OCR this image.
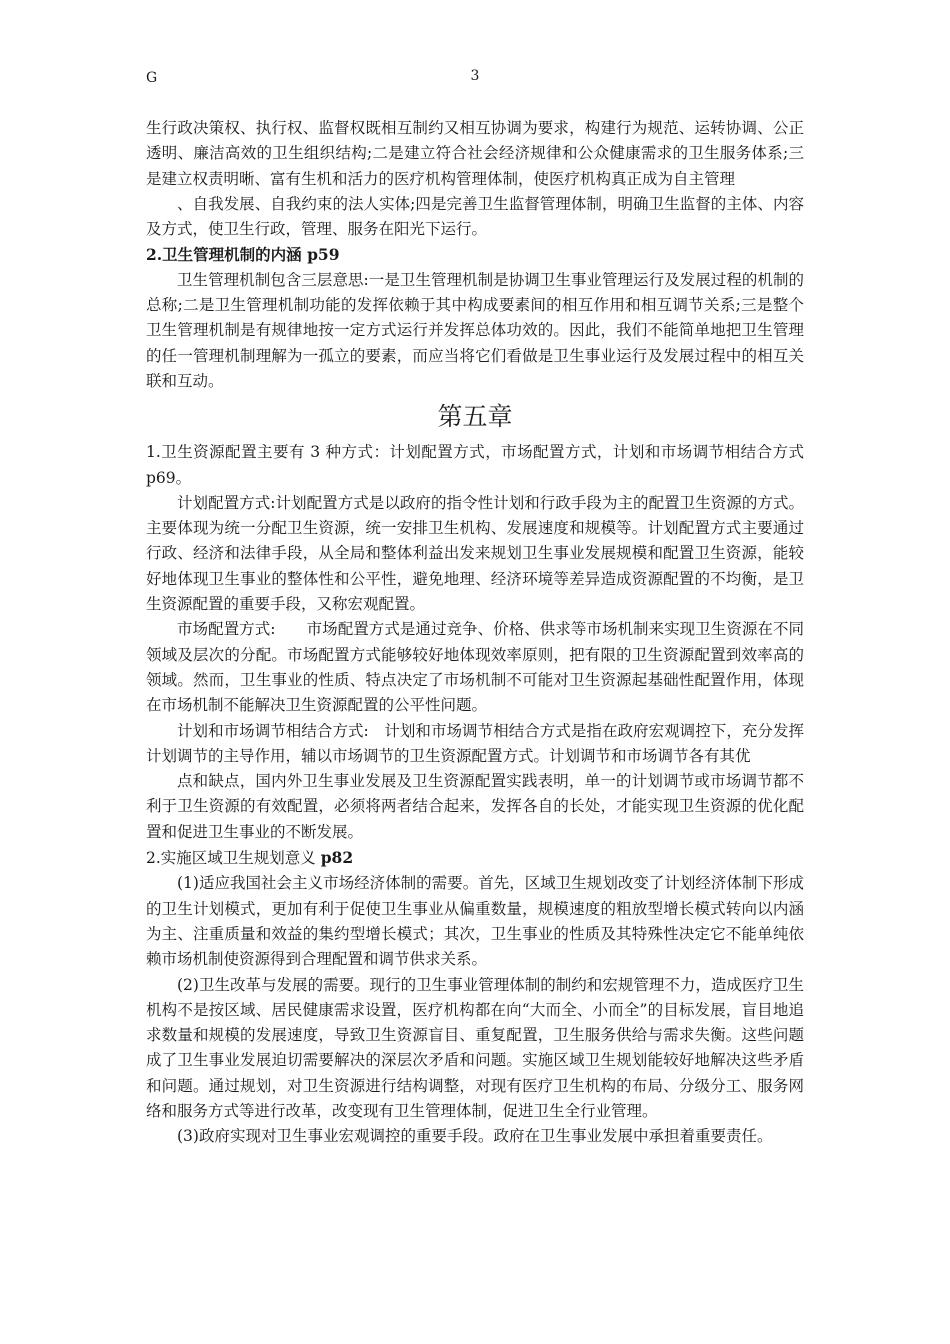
G	3

生行政决策权、执行权、监督权既相互制约又相互协调为要求，构建行为规范、运转协调、公正透明、廉洁高效的卫生组织结构;二是建立符合社会经济规律和公众健康需求的卫生服务体系;三是建立权责明晰、富有生机和活力的医疗机构管理体制，使医疗机构真正成为自主管理

、自我发展、自我约束的法人实体;四是完善卫生监督管理体制，明确卫生监督的主体、内容及方式，使卫生行政，管理、服务在阳光下运行。

2.卫生管理机制的内涵 p59

卫生管理机制包含三层意思:一是卫生管理机制是协调卫生事业管理运行及发展过程的机制的总称;二是卫生管理机制功能的发挥依赖于其中构成要素间的相互作用和相互调节关系;三是整个卫生管理机制是有规律地按一定方式运行并发挥总体功效的。因此，我们不能简单地把卫生管理的任一管理机制理解为一孤立的要素，而应当将它们看做是卫生事业运行及发展过程中的相互关联和互动。

第五章

1.卫生资源配置主要有 3 种方式：计划配置方式，市场配置方式，计划和市场调节相结合方式 p69。

计划配置方式:计划配置方式是以政府的指令性计划和行政手段为主的配置卫生资源的方式。主要体现为统一分配卫生资源，统一安排卫生机构、发展速度和规模等。计划配置方式主要通过行政、经济和法律手段，从全局和整体利益出发来规划卫生事业发展规模和配置卫生资源，能较好地体现卫生事业的整体性和公平性，避免地理、经济环境等差异造成资源配置的不均衡，是卫生资源配置的重要手段，又称宏观配置。

市场配置方式:　　市场配置方式是通过竞争、价格、供求等市场机制来实现卫生资源在不同领域及层次的分配。市场配置方式能够较好地体现效率原则，把有限的卫生资源配置到效率高的领域。然而，卫生事业的性质、特点决定了市场机制不可能对卫生资源起基础性配置作用，体现在市场机制不能解决卫生资源配置的公平性问题。

计划和市场调节相结合方式:　计划和市场调节相结合方式是指在政府宏观调控下，充分发挥计划调节的主导作用，辅以市场调节的卫生资源配置方式。计划调节和市场调节各有其优

点和缺点，国内外卫生事业发展及卫生资源配置实践表明，单一的计划调节或市场调节都不利于卫生资源的有效配置，必须将两者结合起来，发挥各自的长处，才能实现卫生资源的优化配置和促进卫生事业的不断发展。

2.实施区域卫生规划意义 p82

(1)适应我国社会主义市场经济体制的需要。首先，区域卫生规划改变了计划经济体制下形成的卫生计划模式，更加有利于促使卫生事业从偏重数量，规模速度的粗放型增长模式转向以内涵为主、注重质量和效益的集约型增长模式；其次，卫生事业的性质及其特殊性决定它不能单纯依赖市场机制使资源得到合理配置和调节供求关系。

(2)卫生改革与发展的需要。现行的卫生事业管理体制的制约和宏规管理不力，造成医疗卫生机构不是按区域、居民健康需求设置，医疗机构都在向“大而全、小而全”的目标发展，盲目地追求数量和规模的发展速度，导致卫生资源盲目、重复配置，卫生服务供给与需求失衡。这些问题成了卫生事业发展迫切需要解决的深层次矛盾和问题。实施区域卫生规划能较好地解决这些矛盾和问题。通过规划，对卫生资源进行结构调整，对现有医疗卫生机构的布局、分级分工、服务网络和服务方式等进行改革，改变现有卫生管理体制，促进卫生全行业管理。

(3)政府实现对卫生事业宏观调控的重要手段。政府在卫生事业发展中承担着重要责任。
